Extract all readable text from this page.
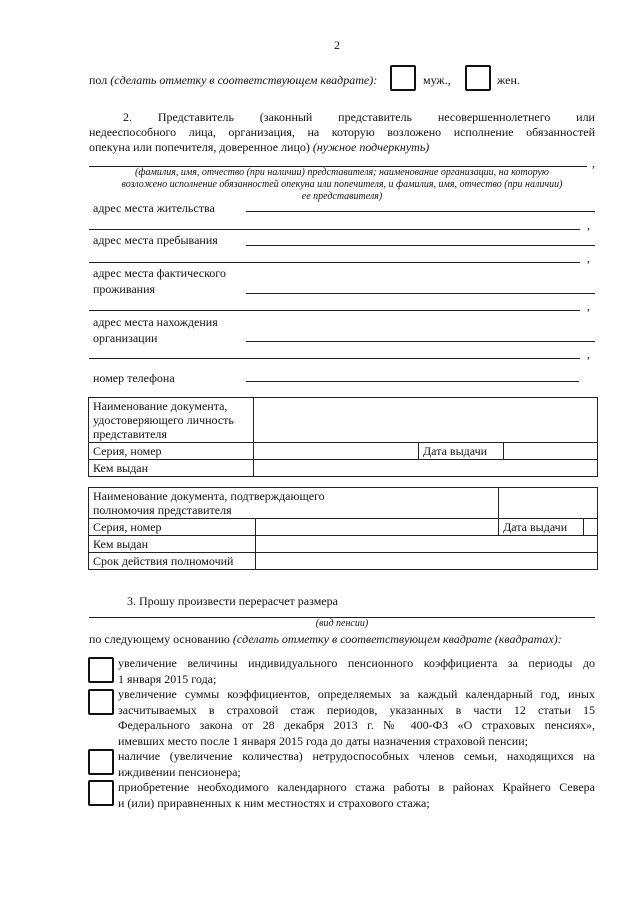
2
пол (сделать отметку в соответствующем квадрате):	муж.,	жен.
2. Представитель (законный представитель несовершеннолетнего или
недееспособного лица, организация, на которую возложено исполнение обязанностей
опекуна или попечителя, доверенное лицо) (нужное подчеркнуть)
,
(фамилия, имя, отчество (при наличии) представителя; наименование организации, на которую
возложено исполнение обязанностей опекуна или попечителя, и фамилия, имя, отчество (при наличии)
ее представителя)
адрес места жительства
,
адрес места пребывания
,
адрес места фактического
проживания
,
адрес места нахождения
организации
,
номер телефона
Наименование документа,
удостоверяющего личность
представителя			

Серия, номер		Дата выдачи	
Кем выдан			
Наименование документа, подтверждающего
полномочия представителя			

Серия, номер		Дата выдачи	
Кем выдан			
Срок действия полномочий			
3. Прошу произвести перерасчет размера
(вид пенсии)
по следующему основанию (сделать отметку в соответствующем квадрате (квадратах):
увеличение величины индивидуального пенсионного коэффициента за периоды до
1 января 2015 года;
увеличение суммы коэффициентов, определяемых за каждый календарный год, иных
засчитываемых в страховой стаж периодов, указанных в части 12 статьи 15
Федерального закона от 28 декабря 2013 г. № 400-ФЗ «О страховых пенсиях»,
имевших место после 1 января 2015 года до даты назначения страховой пенсии;
наличие (увеличение количества) нетрудоспособных членов семьи, находящихся на
иждивении пенсионера;
приобретение необходимого календарного стажа работы в районах Крайнего Севера
и (или) приравненных к ним местностях и страхового стажа;
